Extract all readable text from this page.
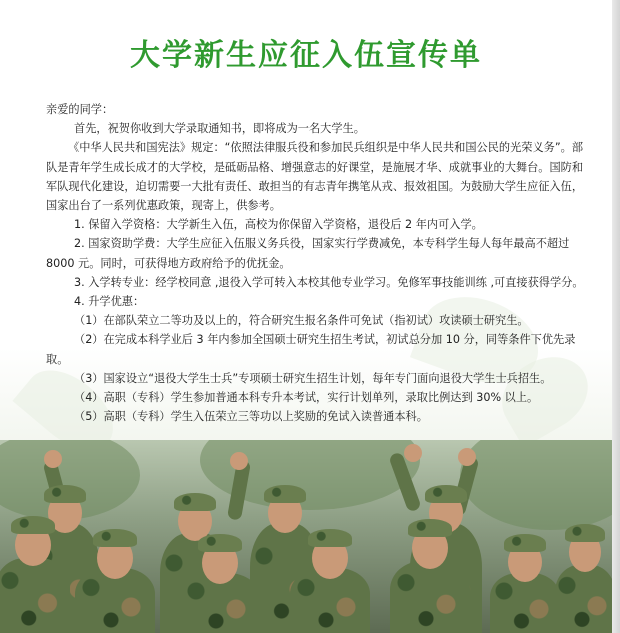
大学新生应征入伍宣传单

亲爱的同学：

首先，祝贺你收到大学录取通知书，即将成为一名大学生。

《中华人民共和国宪法》规定：“依照法律服兵役和参加民兵组织是中华人民共和国公民的光荣义务”。部队是青年学生成长成才的大学校，是砥砺品格、增强意志的好课堂，是施展才华、成就事业的大舞台。国防和军队现代化建设，迫切需要一大批有责任、敢担当的有志青年携笔从戎、报效祖国。为鼓励大学生应征入伍，国家出台了一系列优惠政策，现寄上，供参考。

1. 保留入学资格：大学新生入伍，高校为你保留入学资格，退役后 2 年内可入学。

2. 国家资助学费：大学生应征入伍服义务兵役，国家实行学费减免，本专科学生每人每年最高不超过 8000 元。同时，可获得地方政府给予的优抚金。

3. 入学转专业：经学校同意 ,退役入学可转入本校其他专业学习。免修军事技能训练 ,可直接获得学分。

4. 升学优惠：

（1）在部队荣立二等功及以上的，符合研究生报名条件可免试（指初试）攻读硕士研究生。

（2）在完成本科学业后 3 年内参加全国硕士研究生招生考试，初试总分加 10 分，同等条件下优先录取。

（3）国家设立“退役大学生士兵”专项硕士研究生招生计划，每年专门面向退役大学生士兵招生。

（4）高职（专科）学生参加普通本科专升本考试，实行计划单列，录取比例达到 30% 以上。

（5）高职（专科）学生入伍荣立三等功以上奖励的免试入读普通本科。
